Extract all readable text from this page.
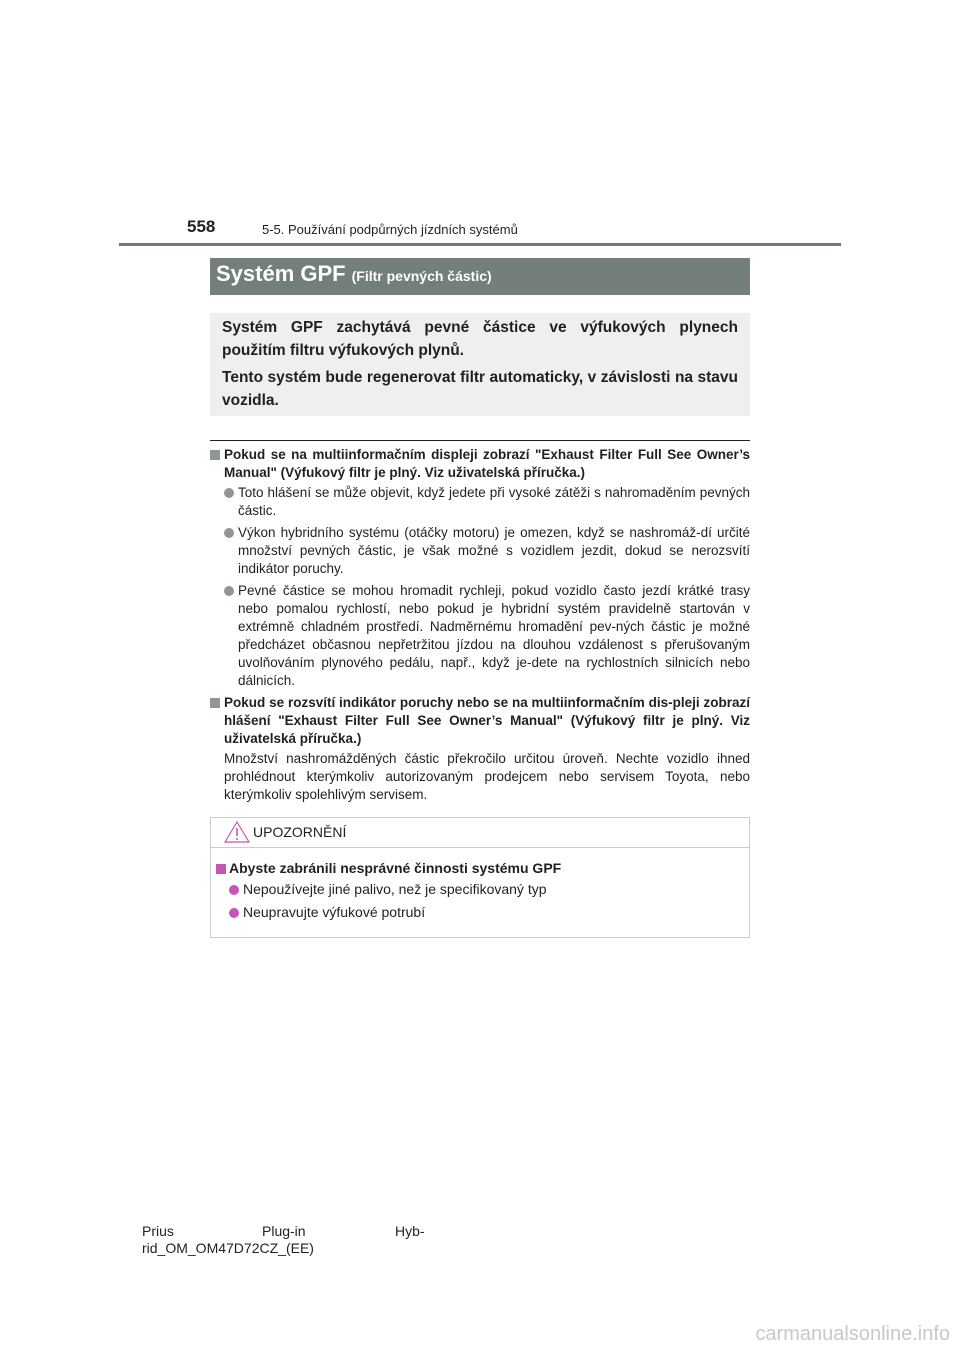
558	5-5. Používání podpůrných jízdních systémů
Systém GPF (Filtr pevných částic)

Systém GPF zachytává pevné částice ve výfukových plynech použitím filtru výfukových plynů.

Tento systém bude regenerovat filtr automaticky, v závislosti na stavu vozidla.

Pokud se na multiinformačním displeji zobrazí "Exhaust Filter Full See Owner’s Manual" (Výfukový filtr je plný. Viz uživatelská příručka.)

Toto hlášení se může objevit, když jedete při vysoké zátěži s nahromaděním pevných částic.

Výkon hybridního systému (otáčky motoru) je omezen, když se nashromáž-dí určité množství pevných částic, je však možné s vozidlem jezdit, dokud se nerozsvítí indikátor poruchy.

Pevné částice se mohou hromadit rychleji, pokud vozidlo často jezdí krátké trasy nebo pomalou rychlostí, nebo pokud je hybridní systém pravidelně startován v extrémně chladném prostředí. Nadměrnému hromadění pev-ných částic je možné předcházet občasnou nepřetržitou jízdou na dlouhou vzdálenost s přerušovaným uvolňováním plynového pedálu, např., když je-dete na rychlostních silnicích nebo dálnicích.

Pokud se rozsvítí indikátor poruchy nebo se na multiinformačním dis-pleji zobrazí hlášení "Exhaust Filter Full See Owner’s Manual" (Výfukový filtr je plný. Viz uživatelská příručka.)

Množství nashromážděných částic překročilo určitou úroveň. Nechte vozidlo ihned prohlédnout kterýmkoliv autorizovaným prodejcem nebo servisem Toyota, nebo kterýmkoliv spolehlivým servisem.

UPOZORNĚNÍ
Abyste zabránili nesprávné činnosti systému GPF
Nepoužívejte jiné palivo, než je specifikovaný typ
Neupravujte výfukové potrubí
Prius	Plug-in	Hyb-
rid_OM_OM47D72CZ_(EE)
carmanualsonline.info
